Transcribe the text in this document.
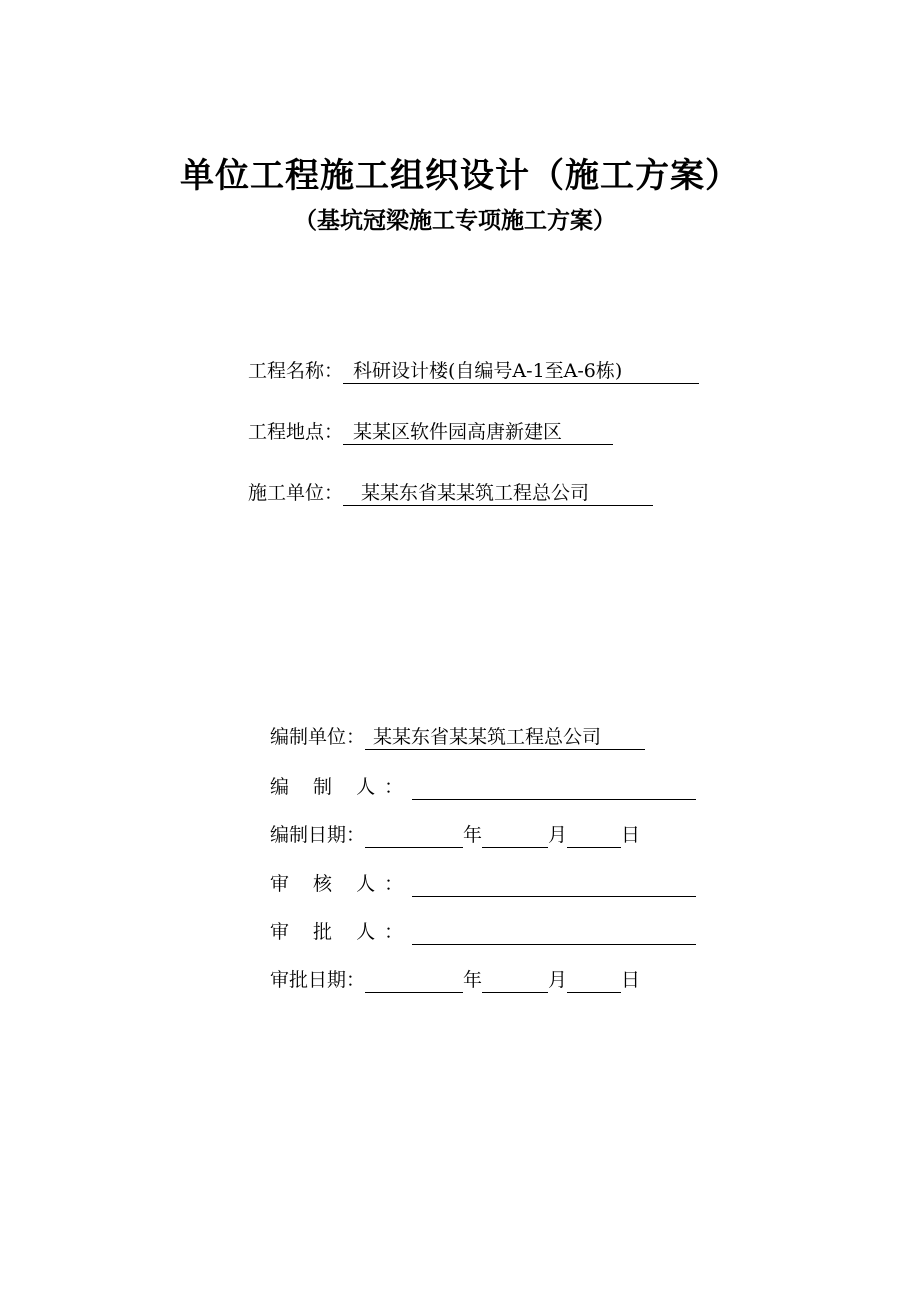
单位工程施工组织设计（施工方案）
（基坑冠梁施工专项施工方案）
工程名称： 科研设计楼(自编号A-1至A-6栋)
工程地点： 某某区软件园高唐新建区
施工单位： 某某东省某某筑工程总公司
编制单位： 某某东省某某筑工程总公司
编 制 人：
编制日期：	年	月	日
审 核 人：
审 批 人：
审批日期：	年	月	日
